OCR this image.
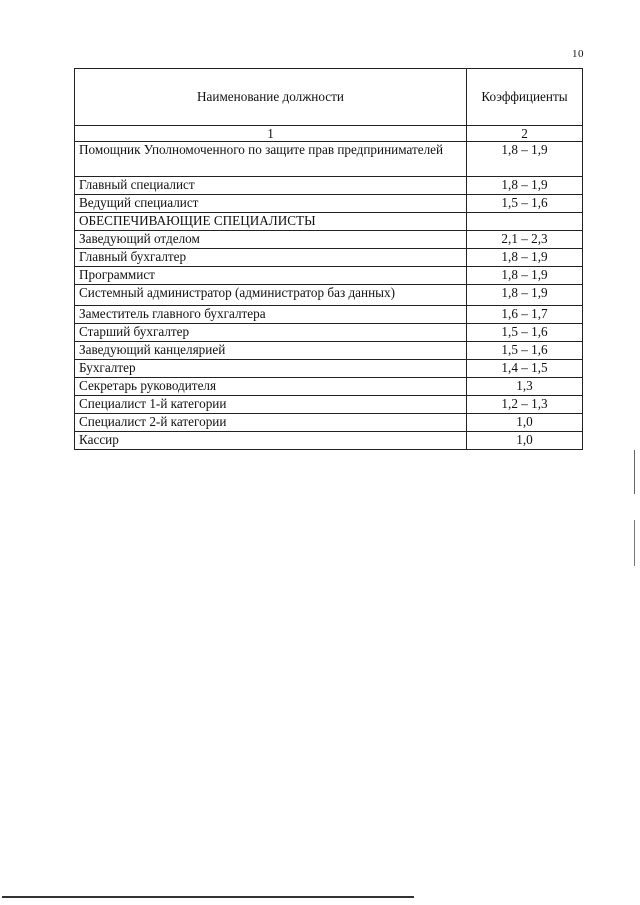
10
Наименование должности	Коэффициенты
1	2
Помощник Уполномоченного по защите прав предпринимателей	1,8 – 1,9
Главный специалист	1,8 – 1,9
Ведущий специалист	1,5 – 1,6
ОБЕСПЕЧИВАЮЩИЕ СПЕЦИАЛИСТЫ	
Заведующий отделом	2,1 – 2,3
Главный бухгалтер	1,8 – 1,9
Программист	1,8 – 1,9
Системный администратор (администратор баз данных)	1,8 – 1,9
Заместитель главного бухгалтера	1,6 – 1,7
Старший бухгалтер	1,5 – 1,6
Заведующий канцелярией	1,5 – 1,6
Бухгалтер	1,4 – 1,5
Секретарь руководителя	1,3
Специалист 1-й категории	1,2 – 1,3
Специалист 2-й категории	1,0
Кассир	1,0
